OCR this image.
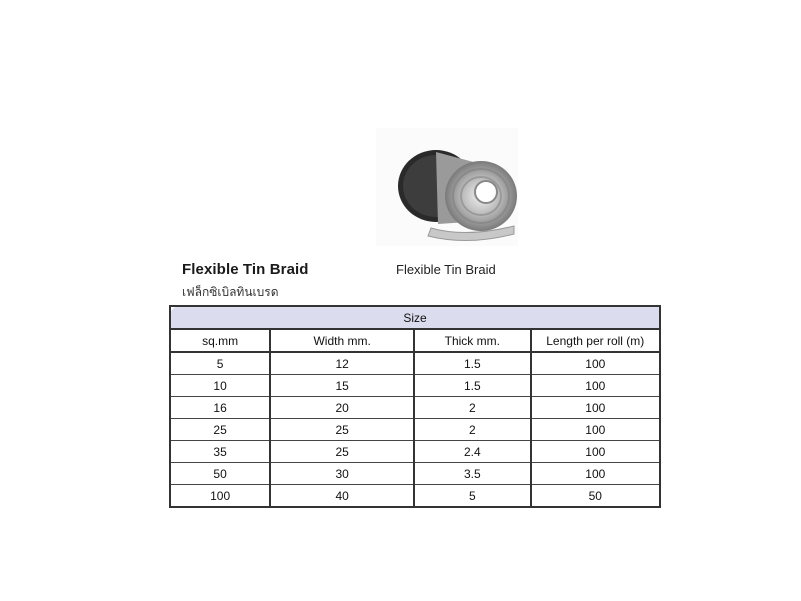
Flexible Tin Braid
เฟล็กซิเบิลทินเบรด
Flexible Tin Braid
Size			
sq.mm	Width mm.	Thick mm.	Length per roll (m)
5	12	1.5	100
10	15	1.5	100
16	20	2	100
25	25	2	100
35	25	2.4	100
50	30	3.5	100
100	40	5	50
